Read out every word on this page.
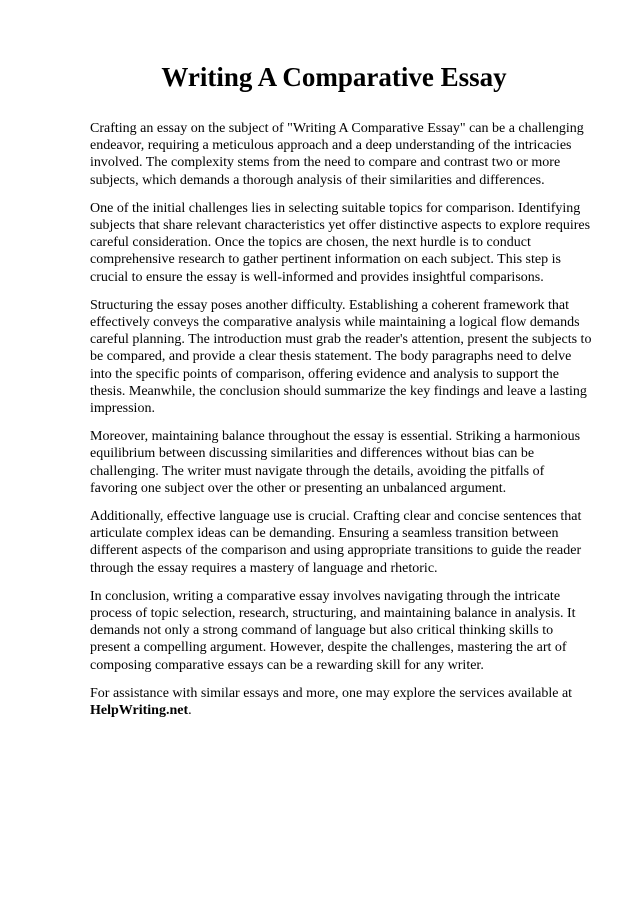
Writing A Comparative Essay

Crafting an essay on the subject of "Writing A Comparative Essay" can be a challenging endeavor, requiring a meticulous approach and a deep understanding of the intricacies involved. The complexity stems from the need to compare and contrast two or more subjects, which demands a thorough analysis of their similarities and differences.

One of the initial challenges lies in selecting suitable topics for comparison. Identifying subjects that share relevant characteristics yet offer distinctive aspects to explore requires careful consideration. Once the topics are chosen, the next hurdle is to conduct comprehensive research to gather pertinent information on each subject. This step is crucial to ensure the essay is well-informed and provides insightful comparisons.

Structuring the essay poses another difficulty. Establishing a coherent framework that effectively conveys the comparative analysis while maintaining a logical flow demands careful planning. The introduction must grab the reader's attention, present the subjects to be compared, and provide a clear thesis statement. The body paragraphs need to delve into the specific points of comparison, offering evidence and analysis to support the thesis. Meanwhile, the conclusion should summarize the key findings and leave a lasting impression.

Moreover, maintaining balance throughout the essay is essential. Striking a harmonious equilibrium between discussing similarities and differences without bias can be challenging. The writer must navigate through the details, avoiding the pitfalls of favoring one subject over the other or presenting an unbalanced argument.

Additionally, effective language use is crucial. Crafting clear and concise sentences that articulate complex ideas can be demanding. Ensuring a seamless transition between different aspects of the comparison and using appropriate transitions to guide the reader through the essay requires a mastery of language and rhetoric.

In conclusion, writing a comparative essay involves navigating through the intricate process of topic selection, research, structuring, and maintaining balance in analysis. It demands not only a strong command of language but also critical thinking skills to present a compelling argument. However, despite the challenges, mastering the art of composing comparative essays can be a rewarding skill for any writer.

For assistance with similar essays and more, one may explore the services available at HelpWriting.net.
